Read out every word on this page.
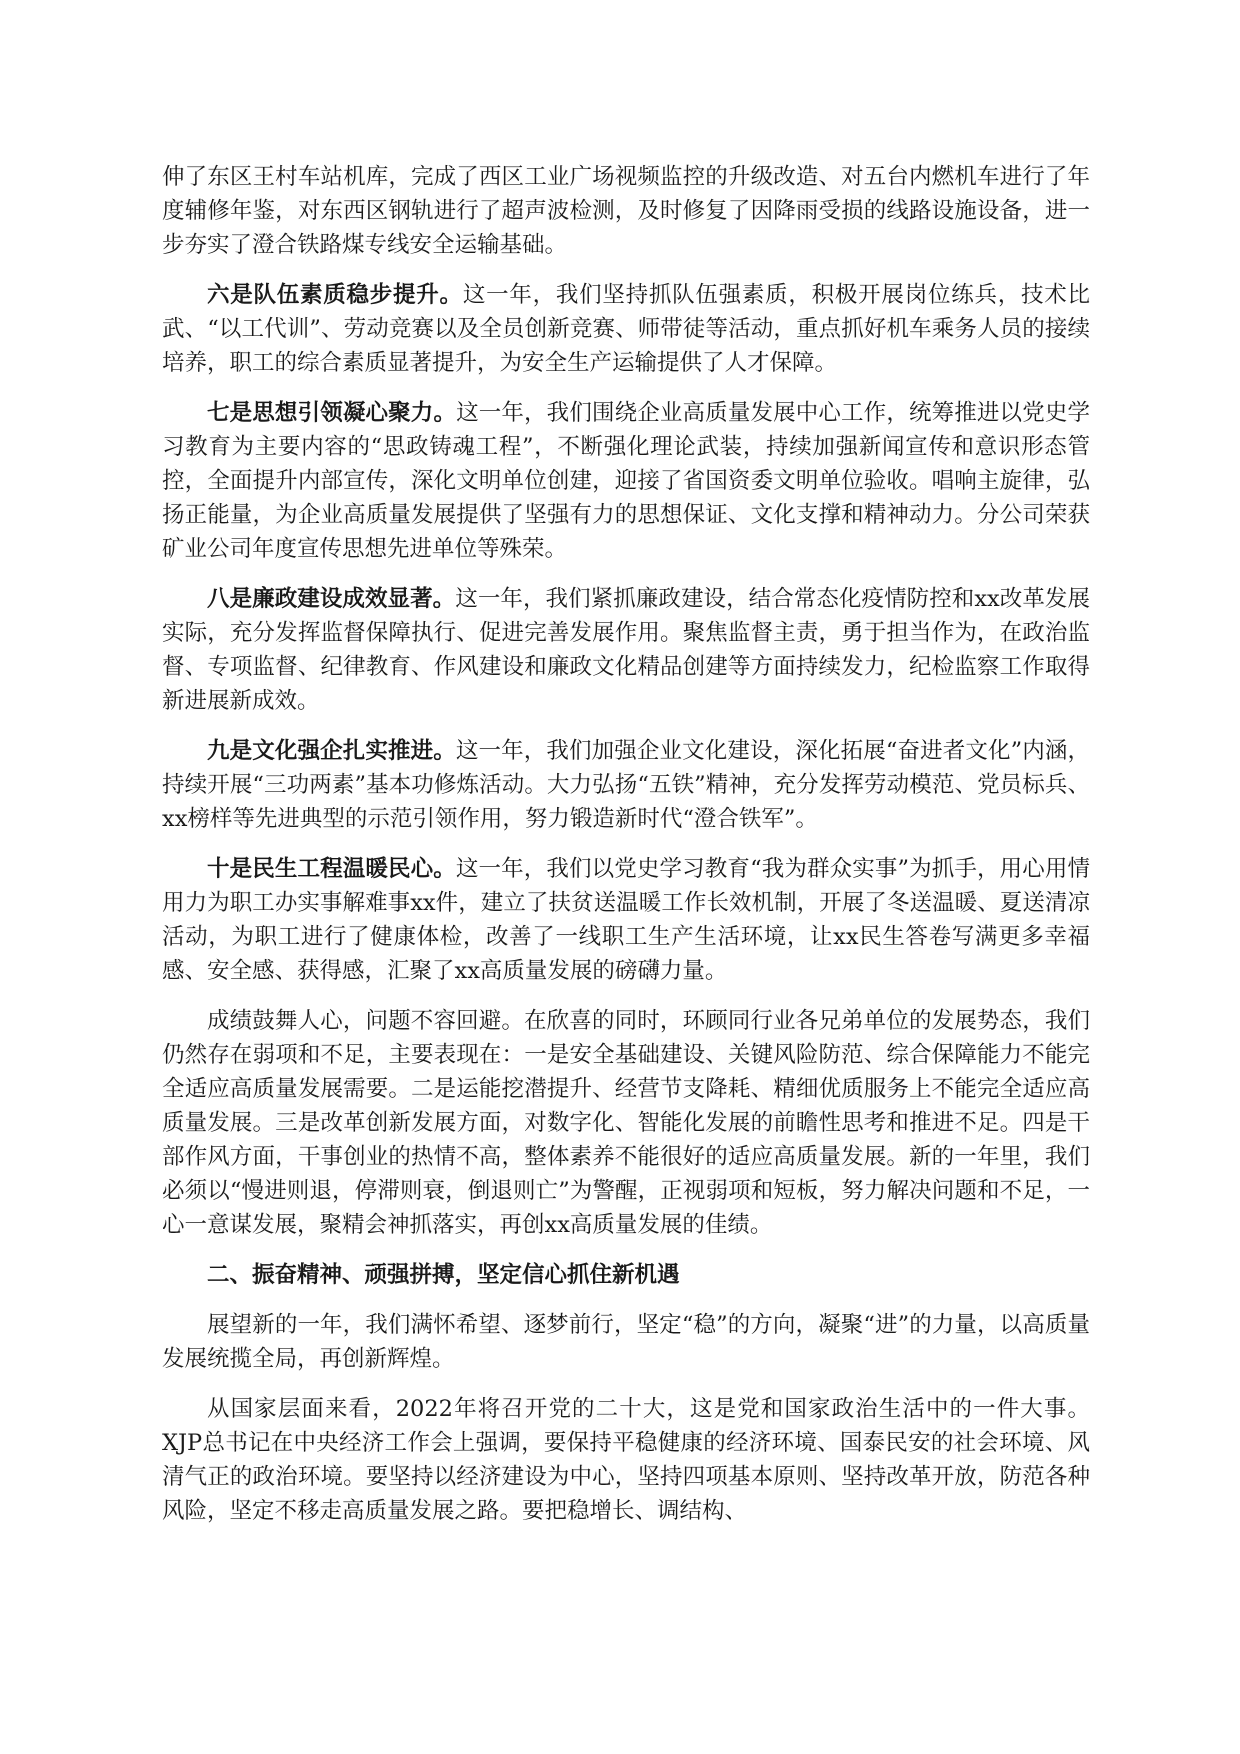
伸了东区王村车站机库，完成了西区工业广场视频监控的升级改造、对五台内燃机车进行了年度辅修年鉴，对东西区钢轨进行了超声波检测，及时修复了因降雨受损的线路设施设备，进一步夯实了澄合铁路煤专线安全运输基础。

六是队伍素质稳步提升。这一年，我们坚持抓队伍强素质，积极开展岗位练兵，技术比武、“以工代训”、劳动竞赛以及全员创新竞赛、师带徒等活动，重点抓好机车乘务人员的接续培养，职工的综合素质显著提升，为安全生产运输提供了人才保障。

七是思想引领凝心聚力。这一年，我们围绕企业高质量发展中心工作，统筹推进以党史学习教育为主要内容的“思政铸魂工程”，不断强化理论武装，持续加强新闻宣传和意识形态管控，全面提升内部宣传，深化文明单位创建，迎接了省国资委文明单位验收。唱响主旋律，弘扬正能量，为企业高质量发展提供了坚强有力的思想保证、文化支撑和精神动力。分公司荣获矿业公司年度宣传思想先进单位等殊荣。

八是廉政建设成效显著。这一年，我们紧抓廉政建设，结合常态化疫情防控和xx改革发展实际，充分发挥监督保障执行、促进完善发展作用。聚焦监督主责，勇于担当作为，在政治监督、专项监督、纪律教育、作风建设和廉政文化精品创建等方面持续发力，纪检监察工作取得新进展新成效。

九是文化强企扎实推进。这一年，我们加强企业文化建设，深化拓展“奋进者文化”内涵，持续开展“三功两素”基本功修炼活动。大力弘扬“五铁”精神，充分发挥劳动模范、党员标兵、xx榜样等先进典型的示范引领作用，努力锻造新时代“澄合铁军”。

十是民生工程温暖民心。这一年，我们以党史学习教育“我为群众实事”为抓手，用心用情用力为职工办实事解难事xx件，建立了扶贫送温暖工作长效机制，开展了冬送温暖、夏送清凉活动，为职工进行了健康体检，改善了一线职工生产生活环境，让xx民生答卷写满更多幸福感、安全感、获得感，汇聚了xx高质量发展的磅礴力量。

成绩鼓舞人心，问题不容回避。在欣喜的同时，环顾同行业各兄弟单位的发展势态，我们仍然存在弱项和不足，主要表现在：一是安全基础建设、关键风险防范、综合保障能力不能完全适应高质量发展需要。二是运能挖潜提升、经营节支降耗、精细优质服务上不能完全适应高质量发展。三是改革创新发展方面，对数字化、智能化发展的前瞻性思考和推进不足。四是干部作风方面，干事创业的热情不高，整体素养不能很好的适应高质量发展。新的一年里，我们必须以“慢进则退，停滞则衰，倒退则亡”为警醒，正视弱项和短板，努力解决问题和不足，一心一意谋发展，聚精会神抓落实，再创xx高质量发展的佳绩。

二、振奋精神、顽强拼搏，坚定信心抓住新机遇

展望新的一年，我们满怀希望、逐梦前行，坚定“稳”的方向，凝聚“进”的力量，以高质量发展统揽全局，再创新辉煌。

从国家层面来看，2022年将召开党的二十大，这是党和国家政治生活中的一件大事。XJP总书记在中央经济工作会上强调，要保持平稳健康的经济环境、国泰民安的社会环境、风清气正的政治环境。要坚持以经济建设为中心，坚持四项基本原则、坚持改革开放，防范各种风险，坚定不移走高质量发展之路。要把稳增长、调结构、
